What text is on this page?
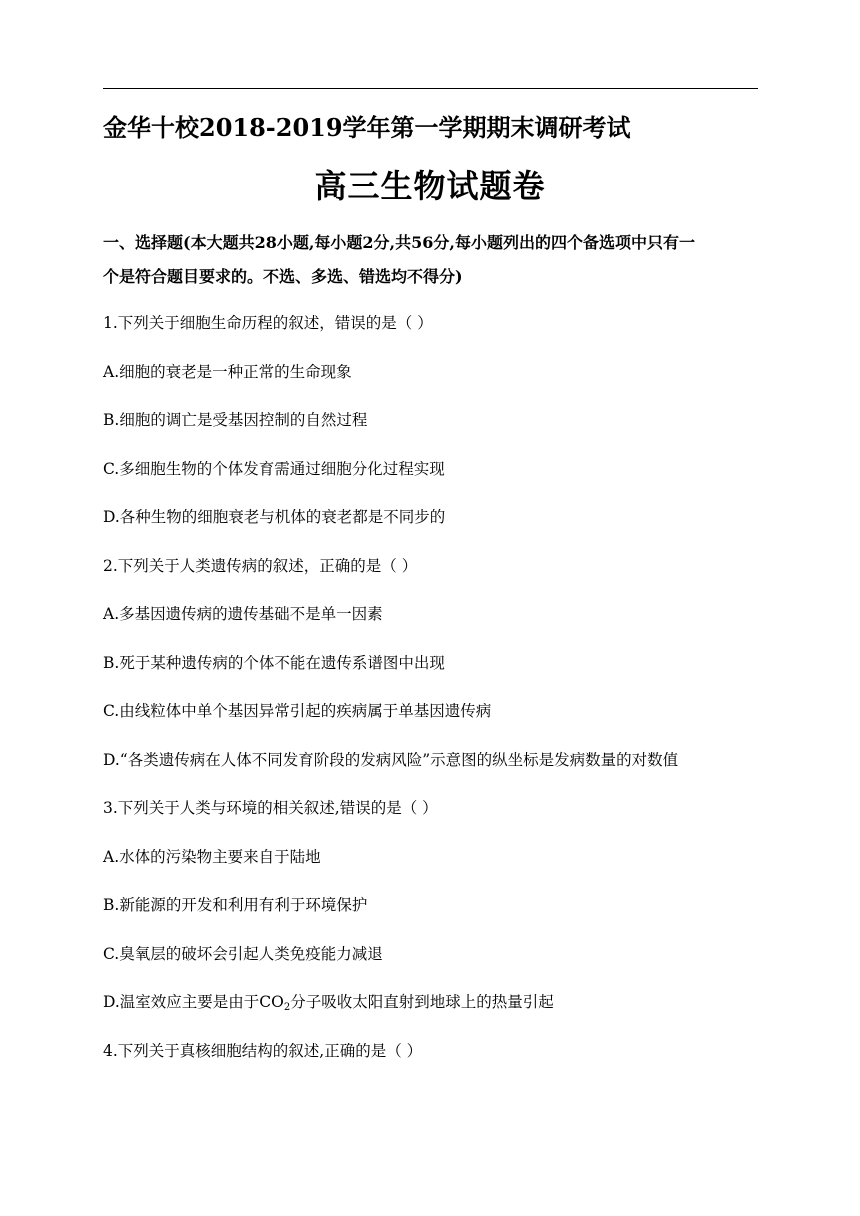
金华十校2018-2019学年第一学期期末调研考试
高三生物试题卷
一、选择题(本大题共28小题,每小题2分,共56分,每小题列出的四个备选项中只有一
个是符合题目要求的。不选、多选、错选均不得分)
1.下列关于细胞生命历程的叙述，错误的是（ ）
A.细胞的衰老是一种正常的生命现象
B.细胞的调亡是受基因控制的自然过程
C.多细胞生物的个体发育需通过细胞分化过程实现
D.各种生物的细胞衰老与机体的衰老都是不同步的
2.下列关于人类遗传病的叙述，正确的是（ ）
A.多基因遗传病的遗传基础不是单一因素
B.死于某种遗传病的个体不能在遗传系谱图中出现
C.由线粒体中单个基因异常引起的疾病属于单基因遗传病
D.“各类遗传病在人体不同发育阶段的发病风险”示意图的纵坐标是发病数量的对数值
3.下列关于人类与环境的相关叙述,错误的是（ ）
A.水体的污染物主要来自于陆地
B.新能源的开发和利用有利于环境保护
C.臭氧层的破坏会引起人类免疫能力减退
D.温室效应主要是由于$CO_2$分子吸收太阳直射到地球上的热量引起
4.下列关于真核细胞结构的叙述,正确的是（ ）
